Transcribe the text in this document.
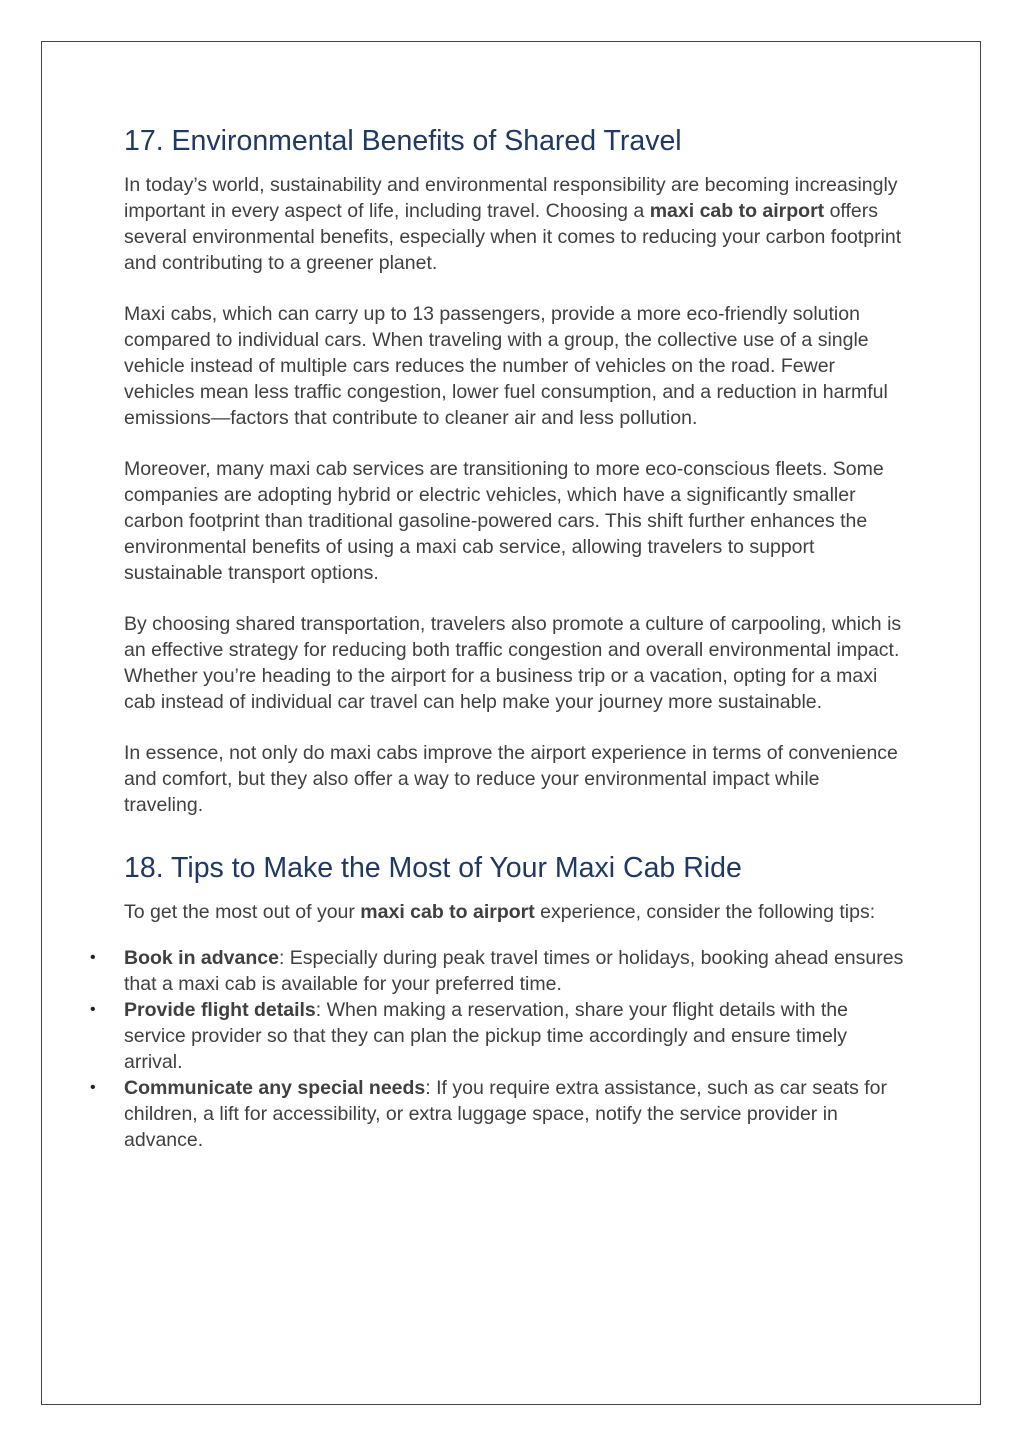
17. Environmental Benefits of Shared Travel

In today’s world, sustainability and environmental responsibility are becoming increasingly important in every aspect of life, including travel. Choosing a maxi cab to airport offers several environmental benefits, especially when it comes to reducing your carbon footprint and contributing to a greener planet.

Maxi cabs, which can carry up to 13 passengers, provide a more eco-friendly solution compared to individual cars. When traveling with a group, the collective use of a single vehicle instead of multiple cars reduces the number of vehicles on the road. Fewer vehicles mean less traffic congestion, lower fuel consumption, and a reduction in harmful emissions—factors that contribute to cleaner air and less pollution.

Moreover, many maxi cab services are transitioning to more eco-conscious fleets. Some companies are adopting hybrid or electric vehicles, which have a significantly smaller carbon footprint than traditional gasoline-powered cars. This shift further enhances the environmental benefits of using a maxi cab service, allowing travelers to support sustainable transport options.

By choosing shared transportation, travelers also promote a culture of carpooling, which is an effective strategy for reducing both traffic congestion and overall environmental impact. Whether you’re heading to the airport for a business trip or a vacation, opting for a maxi cab instead of individual car travel can help make your journey more sustainable.

In essence, not only do maxi cabs improve the airport experience in terms of convenience and comfort, but they also offer a way to reduce your environmental impact while traveling.

18. Tips to Make the Most of Your Maxi Cab Ride

To get the most out of your maxi cab to airport experience, consider the following tips:

• Book in advance: Especially during peak travel times or holidays, booking ahead ensures that a maxi cab is available for your preferred time.
• Provide flight details: When making a reservation, share your flight details with the service provider so that they can plan the pickup time accordingly and ensure timely arrival.
• Communicate any special needs: If you require extra assistance, such as car seats for children, a lift for accessibility, or extra luggage space, notify the service provider in advance.
